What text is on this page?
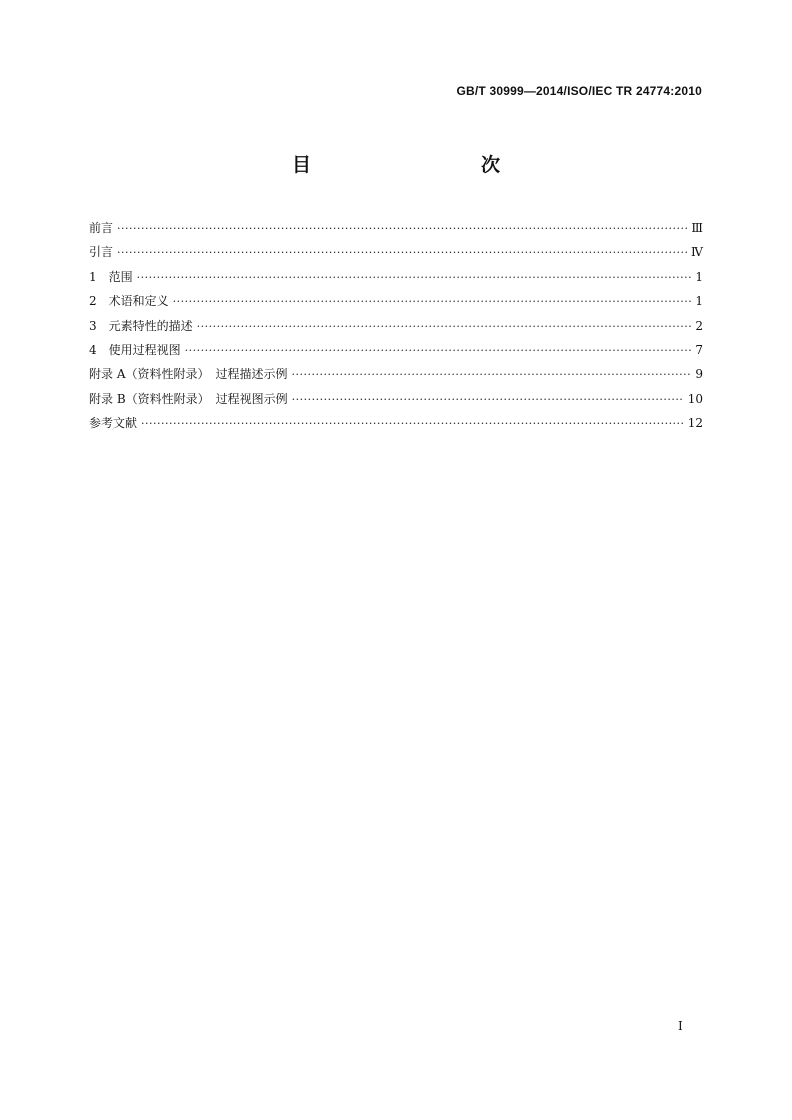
GB/T 30999—2014/ISO/IEC TR 24774:2010
目　　次
前言 ·····	Ⅲ
引言 ·····	Ⅳ
1　范围 ·····	1
2　术语和定义 ·····	1
3　元素特性的描述 ·····	2
4　使用过程视图 ·····	7
附录 A（资料性附录）　过程描述示例 ·····	9
附录 B（资料性附录）　过程视图示例 ·····	10
参考文献 ·····	12
I
